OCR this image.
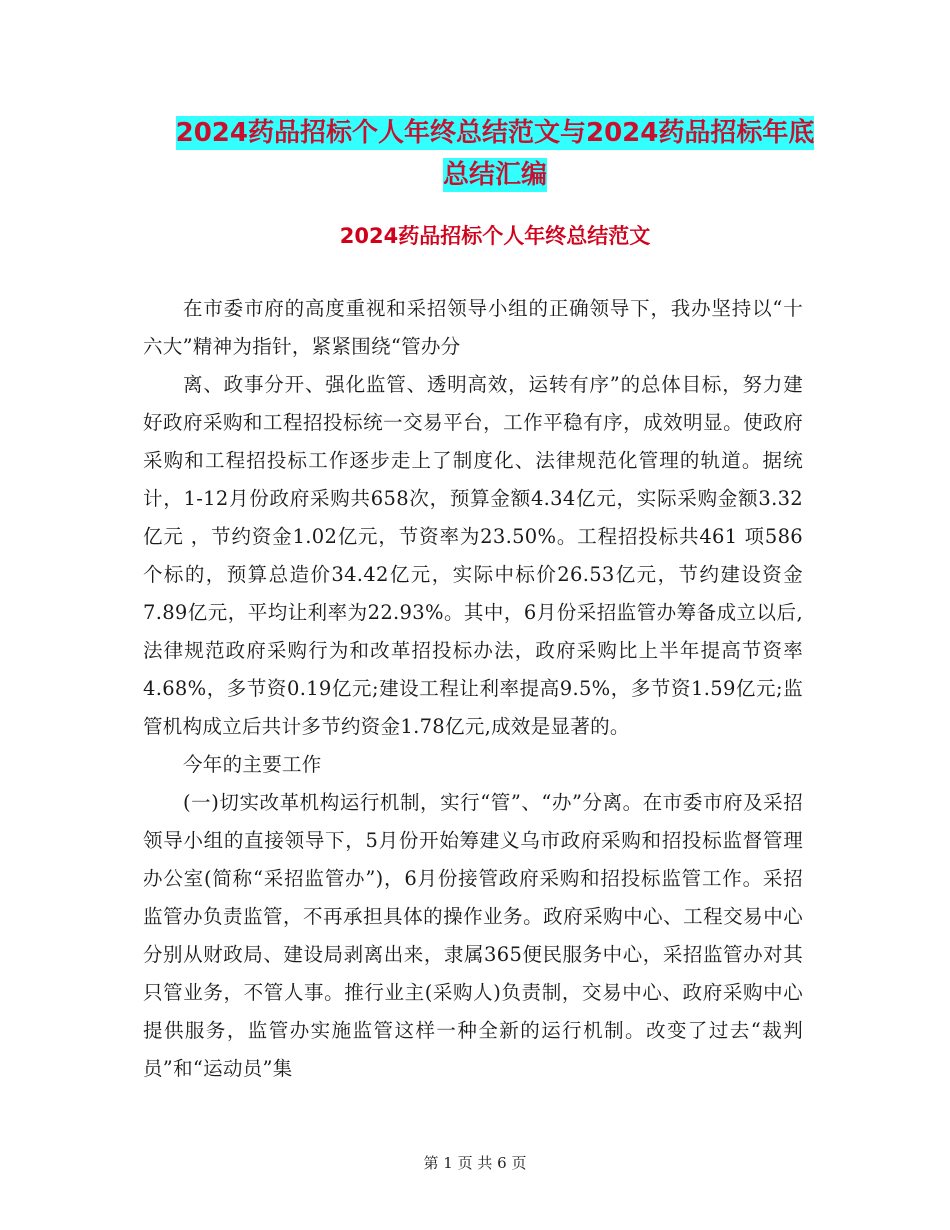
2024药品招标个人年终总结范文与2024药品招标年底
总结汇编
2024药品招标个人年终总结范文

在市委市府的高度重视和采招领导小组的正确领导下，我办坚持以“十六大”精神为指针，紧紧围绕“管办分

离、政事分开、强化监管、透明高效，运转有序”的总体目标，努力建好政府采购和工程招投标统一交易平台，工作平稳有序，成效明显。使政府采购和工程招投标工作逐步走上了制度化、法律规范化管理的轨道。据统计，1-12月份政府采购共658次，预算金额4.34亿元，实际采购金额3.32亿元 ，节约资金1.02亿元，节资率为23.50%。工程招投标共461 项586个标的，预算总造价34.42亿元，实际中标价26.53亿元，节约建设资金7.89亿元，平均让利率为22.93%。其中，6月份采招监管办筹备成立以后,法律规范政府采购行为和改革招投标办法，政府采购比上半年提高节资率4.68%，多节资0.19亿元;建设工程让利率提高9.5%，多节资1.59亿元;监管机构成立后共计多节约资金1.78亿元,成效是显著的。

今年的主要工作

(一)切实改革机构运行机制，实行“管”、“办”分离。在市委市府及采招领导小组的直接领导下，5月份开始筹建义乌市政府采购和招投标监督管理办公室(简称“采招监管办”)，6月份接管政府采购和招投标监管工作。采招监管办负责监管，不再承担具体的操作业务。政府采购中心、工程交易中心分别从财政局、建设局剥离出来，隶属365便民服务中心，采招监管办对其只管业务，不管人事。推行业主(采购人)负责制，交易中心、政府采购中心提供服务，监管办实施监管这样一种全新的运行机制。改变了过去“裁判员”和“运动员”集

第 1 页 共 6 页
